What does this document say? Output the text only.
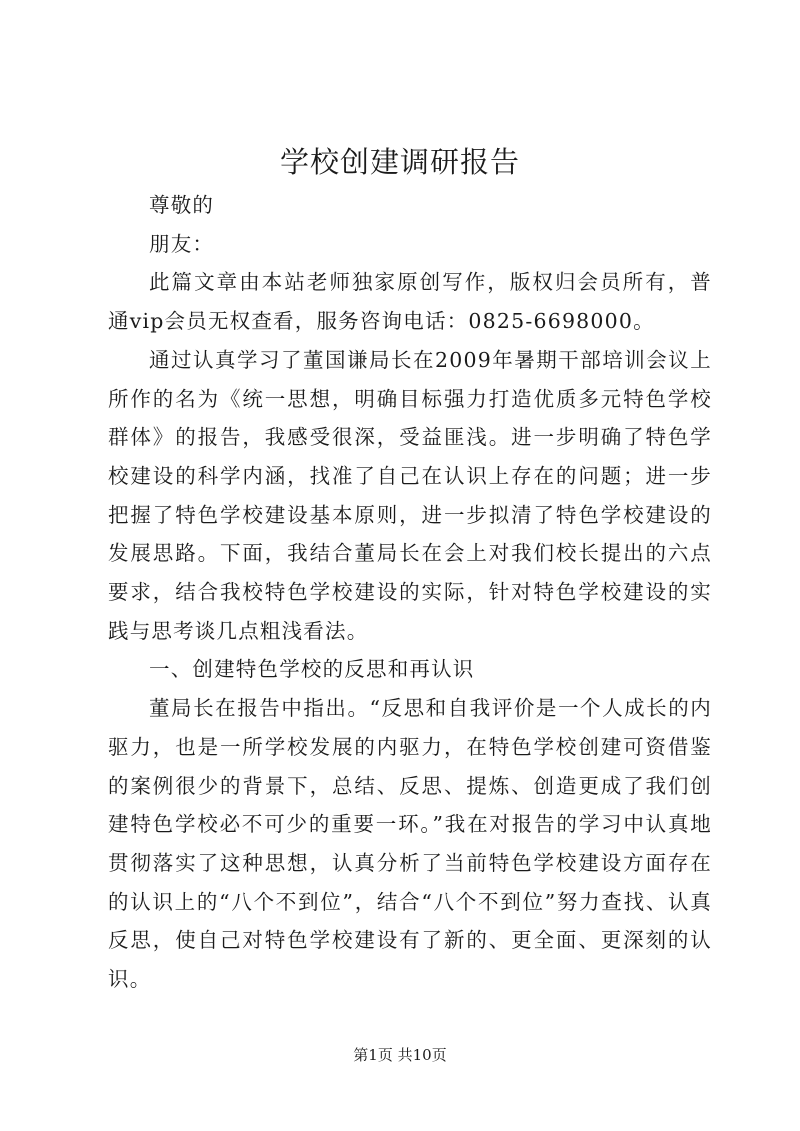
学校创建调研报告

尊敬的

朋友：

此篇文章由本站老师独家原创写作，版权归会员所有，普通vip会员无权查看，服务咨询电话：0825-6698000。

通过认真学习了董国谦局长在2009年暑期干部培训会议上所作的名为《统一思想，明确目标强力打造优质多元特色学校群体》的报告，我感受很深，受益匪浅。进一步明确了特色学校建设的科学内涵，找准了自己在认识上存在的问题；进一步把握了特色学校建设基本原则，进一步拟清了特色学校建设的发展思路。下面，我结合董局长在会上对我们校长提出的六点要求，结合我校特色学校建设的实际，针对特色学校建设的实践与思考谈几点粗浅看法。

一、创建特色学校的反思和再认识

董局长在报告中指出。“反思和自我评价是一个人成长的内驱力，也是一所学校发展的内驱力，在特色学校创建可资借鉴的案例很少的背景下，总结、反思、提炼、创造更成了我们创建特色学校必不可少的重要一环。”我在对报告的学习中认真地贯彻落实了这种思想，认真分析了当前特色学校建设方面存在的认识上的“八个不到位”，结合“八个不到位”努力查找、认真反思，使自己对特色学校建设有了新的、更全面、更深刻的认识。

第1页 共10页
